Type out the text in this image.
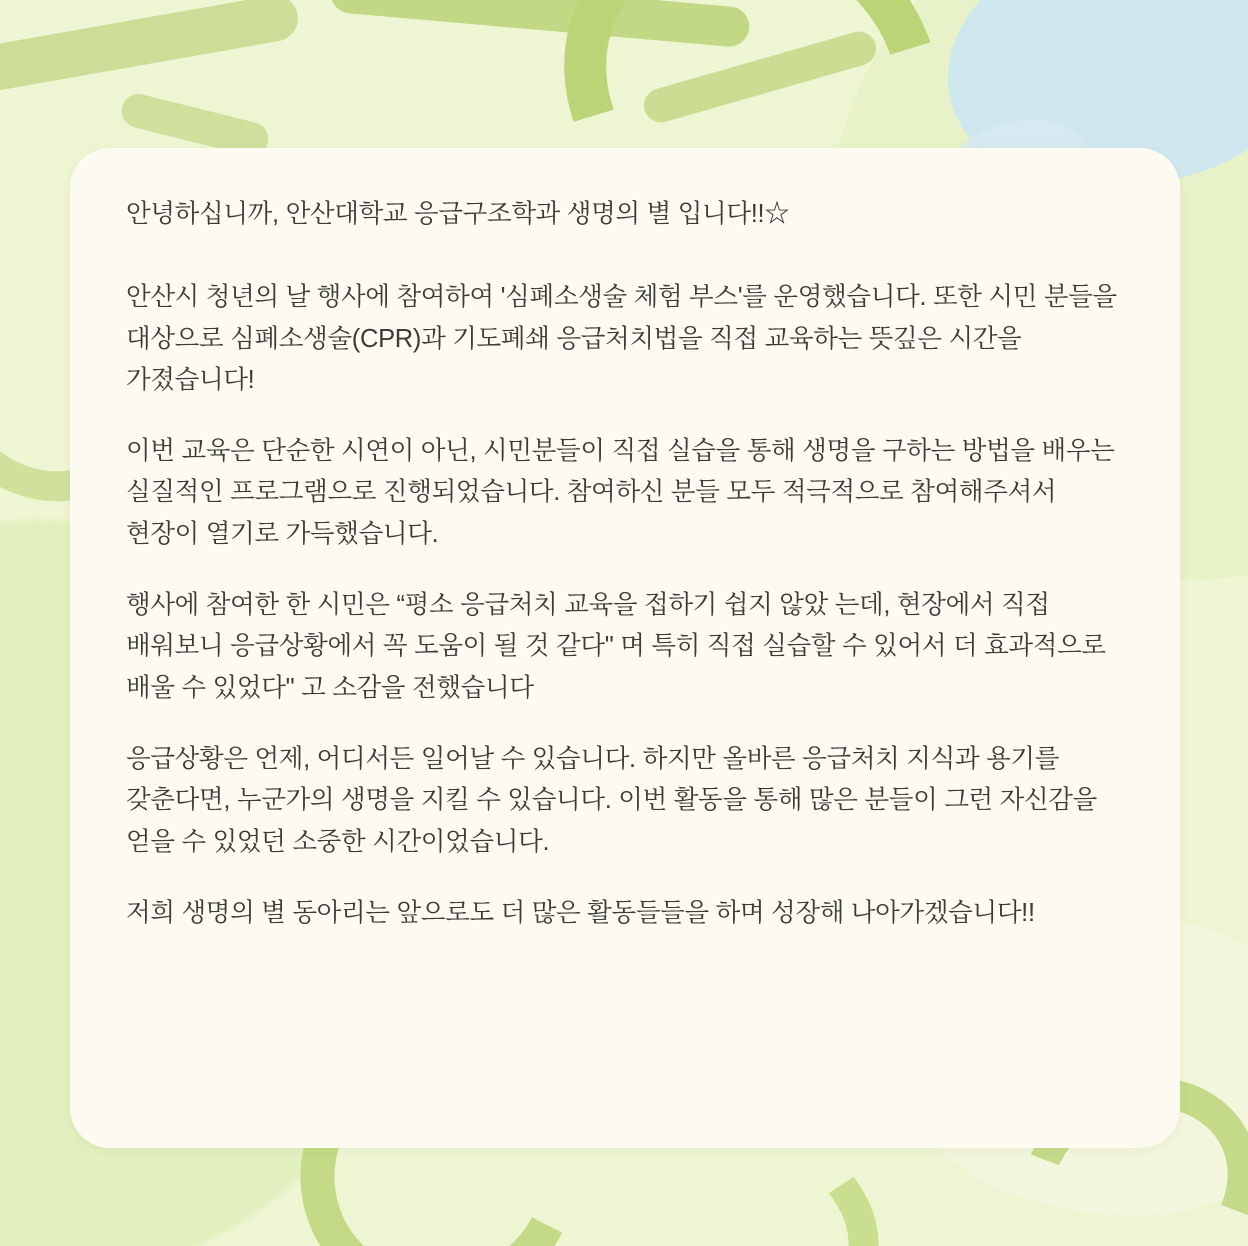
안녕하십니까, 안산대학교 응급구조학과 생명의 별 입니다!!☆

안산시 청년의 날 행사에 참여하여 '심폐소생술 체험 부스'를 운영했습니다. 또한 시민 분들을 대상으로 심폐소생술(CPR)과 기도폐쇄 응급처치법을 직접 교육하는 뜻깊은 시간을 가졌습니다!

이번 교육은 단순한 시연이 아닌, 시민분들이 직접 실습을 통해 생명을 구하는 방법을 배우는 실질적인 프로그램으로 진행되었습니다. 참여하신 분들 모두 적극적으로 참여해주셔서 현장이 열기로 가득했습니다.

행사에 참여한 한 시민은 “평소 응급처치 교육을 접하기 쉽지 않았 는데, 현장에서 직접 배워보니 응급상황에서 꼭 도움이 될 것 같다" 며 특히 직접 실습할 수 있어서 더 효과적으로 배울 수 있었다" 고 소감을 전했습니다

응급상황은 언제, 어디서든 일어날 수 있습니다. 하지만 올바른 응급처치 지식과 용기를 갖춘다면, 누군가의 생명을 지킬 수 있습니다. 이번 활동을 통해 많은 분들이 그런 자신감을 얻을 수 있었던 소중한 시간이었습니다.

저희 생명의 별 동아리는 앞으로도 더 많은 활동들들을 하며 성장해 나아가겠습니다!!
